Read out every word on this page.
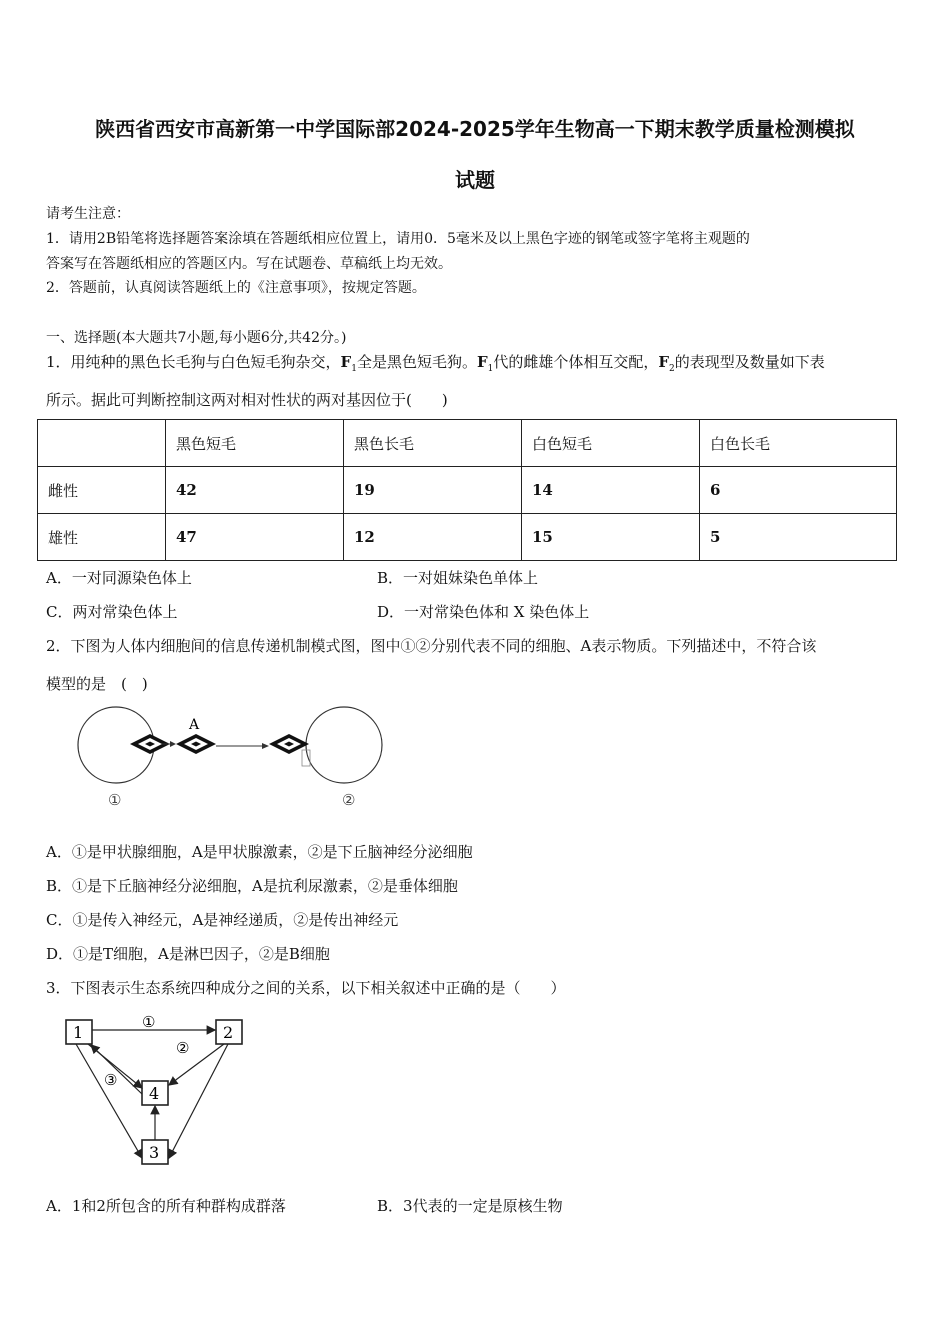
陕西省西安市高新第一中学国际部2024-2025学年生物高一下期末教学质量检测模拟
试题
请考生注意：
1．请用2B铅笔将选择题答案涂填在答题纸相应位置上，请用0．5毫米及以上黑色字迹的钢笔或签字笔将主观题的
答案写在答题纸相应的答题区内。写在试题卷、草稿纸上均无效。
2．答题前，认真阅读答题纸上的《注意事项》，按规定答题。
一、选择题(本大题共7小题,每小题6分,共42分。)
1．用纯种的黑色长毛狗与白色短毛狗杂交，$F_1$全是黑色短毛狗。$F_1$代的雌雄个体相互交配，$F_2$的表现型及数量如下表
所示。据此可判断控制这两对相对性状的两对基因位于(　　)
	黑色短毛	黑色长毛	白色短毛	白色长毛
雌性	42	19	14	6
雄性	47	12	15	5
A．一对同源染色体上	B．一对姐妹染色单体上
C．两对常染色体上	D．一对常染色体和 X 染色体上
2．下图为人体内细胞间的信息传递机制模式图，图中①②分别代表不同的细胞、A表示物质。下列描述中，不符合该
模型的是　(　)
A
①	②
A．①是甲状腺细胞，A是甲状腺激素，②是下丘脑神经分泌细胞
B．①是下丘脑神经分泌细胞，A是抗利尿激素，②是垂体细胞
C．①是传入神经元，A是神经递质，②是传出神经元
D．①是T细胞，A是淋巴因子，②是B细胞
3．下图表示生态系统四种成分之间的关系，以下相关叙述中正确的是（　　）
1	2
4
3
①
②
③
A．1和2所包含的所有种群构成群落	B．3代表的一定是原核生物
